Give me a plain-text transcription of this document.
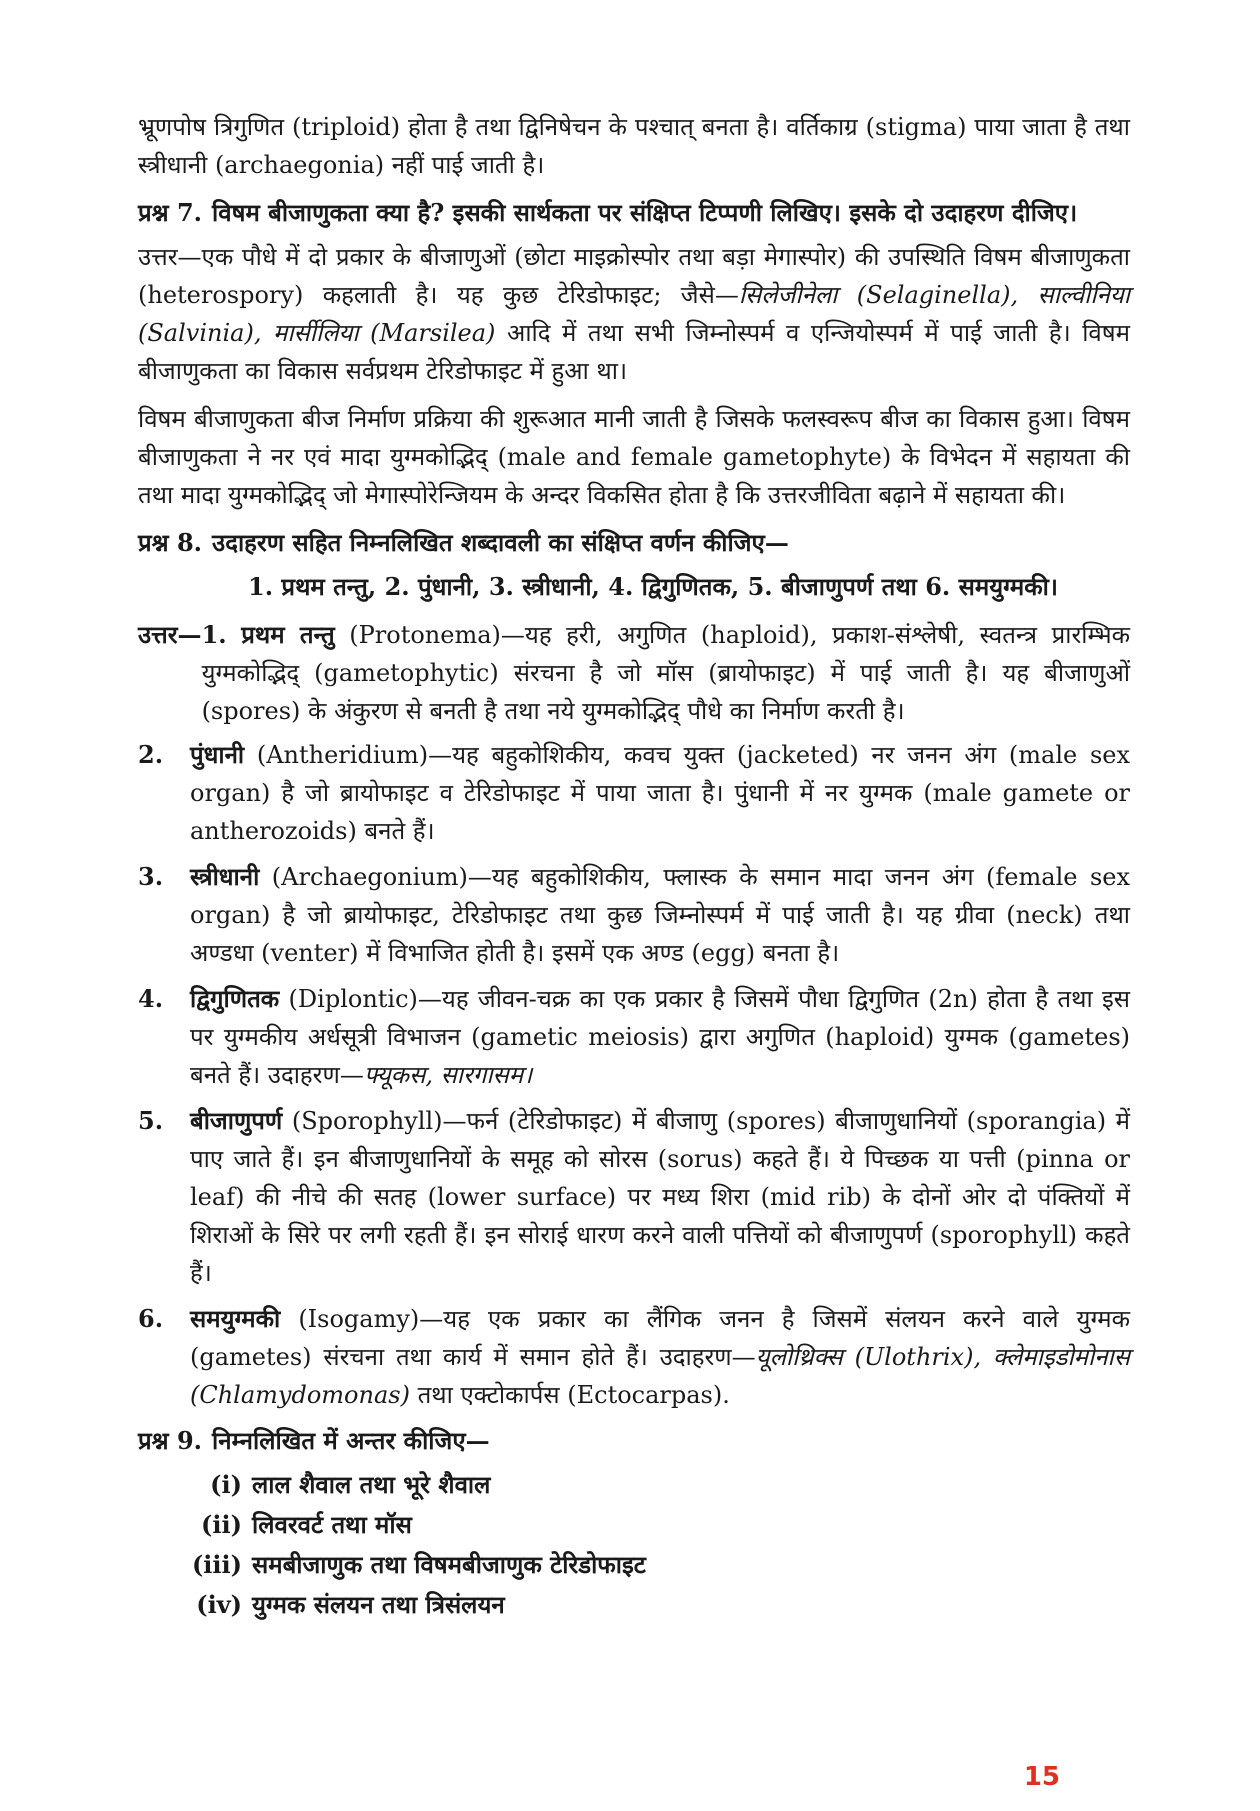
भ्रूणपोष त्रिगुणित (triploid) होता है तथा द्विनिषेचन के पश्चात् बनता है। वर्तिकाग्र (stigma) पाया जाता है तथा स्त्रीधानी (archaegonia) नहीं पाई जाती है।

प्रश्न 7. विषम बीजाणुकता क्या है? इसकी सार्थकता पर संक्षिप्त टिप्पणी लिखिए। इसके दो उदाहरण दीजिए।

उत्तर—एक पौधे में दो प्रकार के बीजाणुओं (छोटा माइक्रोस्पोर तथा बड़ा मेगास्पोर) की उपस्थिति विषम बीजाणुकता (heterospory) कहलाती है। यह कुछ टेरिडोफाइट; जैसे—सिलेजीनेला (Selaginella), साल्वीनिया (Salvinia), मार्सीलिया (Marsilea) आदि में तथा सभी जिम्नोस्पर्म व एन्जियोस्पर्म में पाई जाती है। विषम बीजाणुकता का विकास सर्वप्रथम टेरिडोफाइट में हुआ था।

विषम बीजाणुकता बीज निर्माण प्रक्रिया की शुरूआत मानी जाती है जिसके फलस्वरूप बीज का विकास हुआ। विषम बीजाणुकता ने नर एवं मादा युग्मकोद्भिद् (male and female gametophyte) के विभेदन में सहायता की तथा मादा युग्मकोद्भिद् जो मेगास्पोरेन्जियम के अन्दर विकसित होता है कि उत्तरजीविता बढ़ाने में सहायता की।

प्रश्न 8. उदाहरण सहित निम्नलिखित शब्दावली का संक्षिप्त वर्णन कीजिए—
1. प्रथम तन्तु, 2. पुंधानी, 3. स्त्रीधानी, 4. द्विगुणितक, 5. बीजाणुपर्ण तथा 6. समयुग्मकी।
उत्तर— 1. प्रथम तन्तु (Protonema)—यह हरी, अगुणित (haploid), प्रकाश-संश्लेषी, स्वतन्त्र प्रारम्भिक युग्मकोद्भिद् (gametophytic) संरचना है जो मॉस (ब्रायोफाइट) में पाई जाती है। यह बीजाणुओं (spores) के अंकुरण से बनती है तथा नये युग्मकोद्भिद् पौधे का निर्माण करती है।
2.	पुंधानी (Antheridium)—यह बहुकोशिकीय, कवच युक्त (jacketed) नर जनन अंग (male sex organ) है जो ब्रायोफाइट व टेरिडोफाइट में पाया जाता है। पुंधानी में नर युग्मक (male gamete or antherozoids) बनते हैं।
3.	स्त्रीधानी (Archaegonium)—यह बहुकोशिकीय, फ्लास्क के समान मादा जनन अंग (female sex organ) है जो ब्रायोफाइट, टेरिडोफाइट तथा कुछ जिम्नोस्पर्म में पाई जाती है। यह ग्रीवा (neck) तथा अण्डधा (venter) में विभाजित होती है। इसमें एक अण्ड (egg) बनता है।
4.	द्विगुणितक (Diplontic)—यह जीवन-चक्र का एक प्रकार है जिसमें पौधा द्विगुणित (2n) होता है तथा इस पर युग्मकीय अर्धसूत्री विभाजन (gametic meiosis) द्वारा अगुणित (haploid) युग्मक (gametes) बनते हैं। उदाहरण—फ्यूकस, सारगासम।
5.	बीजाणुपर्ण (Sporophyll)—फर्न (टेरिडोफाइट) में बीजाणु (spores) बीजाणुधानियों (sporangia) में पाए जाते हैं। इन बीजाणुधानियों के समूह को सोरस (sorus) कहते हैं। ये पिच्छक या पत्ती (pinna or leaf) की नीचे की सतह (lower surface) पर मध्य शिरा (mid rib) के दोनों ओर दो पंक्तियों में शिराओं के सिरे पर लगी रहती हैं। इन सोराई धारण करने वाली पत्तियों को बीजाणुपर्ण (sporophyll) कहते हैं।
6.	समयुग्मकी (Isogamy)—यह एक प्रकार का लैंगिक जनन है जिसमें संलयन करने वाले युग्मक (gametes) संरचना तथा कार्य में समान होते हैं। उदाहरण—यूलोथ्रिक्स (Ulothrix), क्लेमाइडोमोनास (Chlamydomonas) तथा एक्टोकार्पस (Ectocarpas).
प्रश्न 9. निम्नलिखित में अन्तर कीजिए—
(i) लाल शैवाल तथा भूरे शैवाल
(ii) लिवरवर्ट तथा मॉस
(iii) समबीजाणुक तथा विषमबीजाणुक टेरिडोफाइट
(iv) युग्मक संलयन तथा त्रिसंलयन
15
